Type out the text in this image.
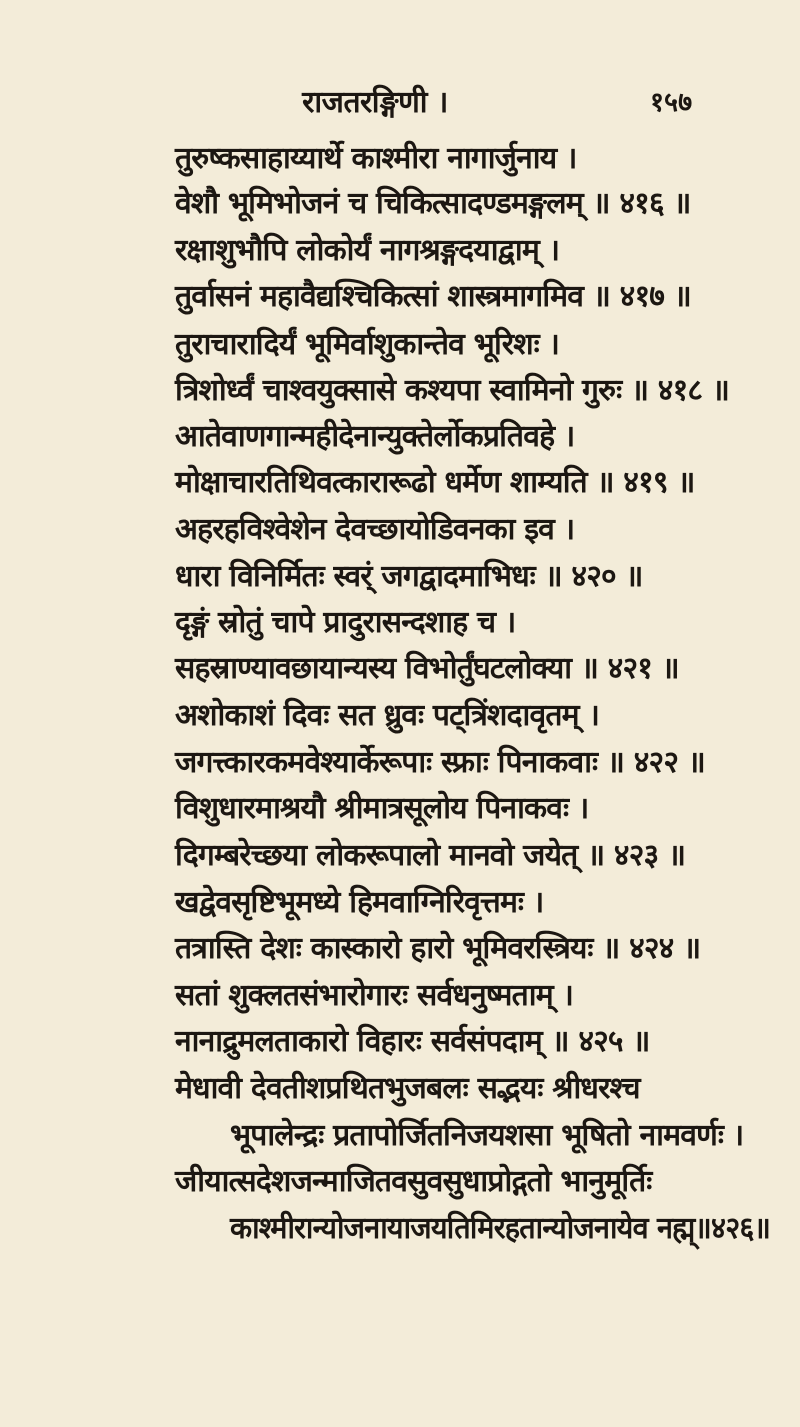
राजतरङ्गिणी ।	१५७
तुरुष्कसाहाय्यार्थे काश्मीरा नागार्जुनाय ।
वेशौ भूमिभोजनं च चिकित्सादण्डमङ्गलम् ॥ ४१६ ॥
रक्षाशुभौपि लोकोर्यं नागश्रङ्गदयाद्वाम् ।
तुर्वासनं महावैद्यश्चिकित्सां शास्त्रमागमिव ॥ ४१७ ॥
तुराचारादिर्यं भूमिर्वाशुकान्तेव भूरिशः ।
त्रिशोर्ध्वं चाश्वयुक्सासे कश्यपा स्वामिनो गुरुः ॥ ४१८ ॥
आतेवाणगान्महीदेनान्युक्तेर्लोकप्रतिवहे ।
मोक्षाचारतिथिवत्कारारूढो धर्मेण शाम्यति ॥ ४१९ ॥
अहरहविश्वेशेन देवच्छायोडिवनका इव ।
धारा विनिर्मितः स्वर्ं जगद्वादमाभिधः ॥ ४२० ॥
दृङ्गं स्रोतुं चापे प्रादुरासन्दशाह च ।
सहस्राण्यावछायान्यस्य विभोर्तुंघटलोक्या ॥ ४२१ ॥
अशोकाशं दिवः सत ध्रुवः पट्त्रिंशदावृतम् ।
जगत्त्कारकमवेश्यार्केरूपाः स्फ्राः पिनाकवाः ॥ ४२२ ॥
विशुधारमाश्रयौ श्रीमात्रसूलोय पिनाकवः ।
दिगम्बरेच्छया लोकरूपालो मानवो जयेत् ॥ ४२३ ॥
खद्वेवसृष्टिभूमध्ये हिमवाग्निरिवृत्तमः ।
तत्रास्ति देशः कास्कारो हारो भूमिवरस्त्रियः ॥ ४२४ ॥
सतां शुक्लतसंभारोगारः सर्वधनुष्मताम् ।
नानाद्रुमलताकारो विहारः सर्वसंपदाम् ॥ ४२५ ॥
मेधावी देवतीशप्रथितभुजबलः सद्भयः श्रीधरश्च
भूपालेन्द्रः प्रतापोर्जितनिजयशसा भूषितो नामवर्णः ।
जीयात्सदेशजन्माजितवसुवसुधाप्रोद्गतो भानुमूर्तिः
काश्मीरान्योजनायाजयतिमिरहतान्योजनायेव नह्म्॥४२६॥
